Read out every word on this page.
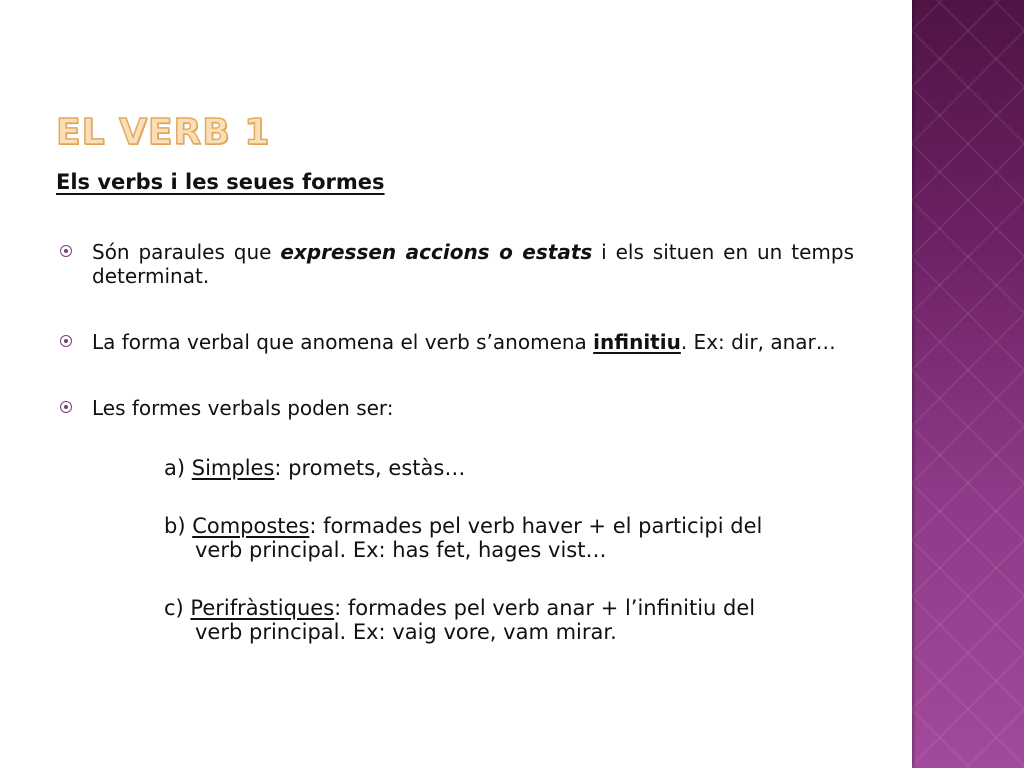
EL VERB 1
Els verbs i les seues formes
Són paraules que expressen accions o estats i els situen en un temps determinat.
La forma verbal que anomena el verb s’anomena infinitiu. Ex: dir, anar…
Les formes verbals poden ser:
a) Simples: promets, estàs…
b) Compostes: formades pel verb haver + el participi del verb principal. Ex: has fet, hages vist…
c) Perifràstiques: formades pel verb anar + l’infinitiu del verb principal. Ex: vaig vore, vam mirar.
